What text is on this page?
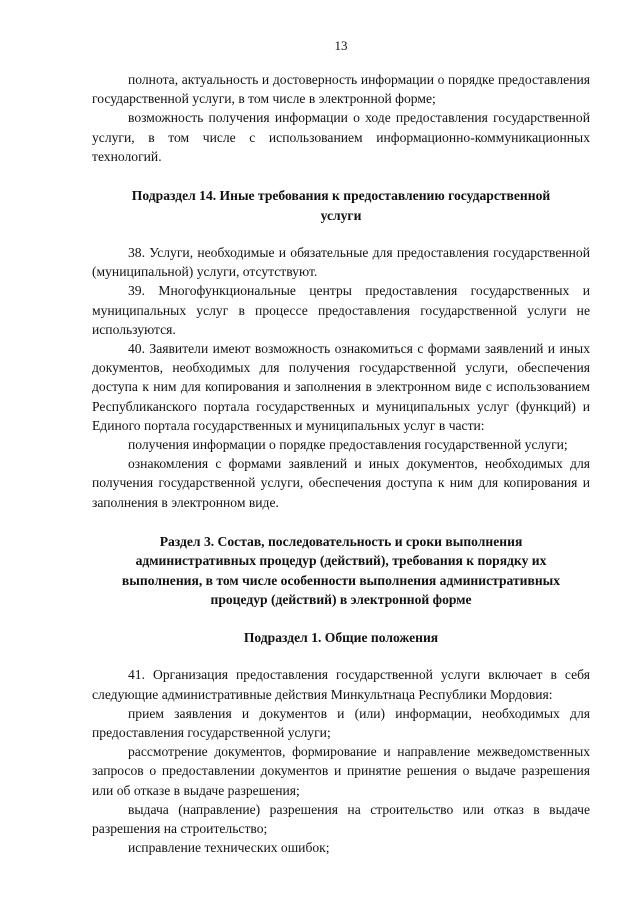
13

полнота, актуальность и достоверность информации о порядке предоставления государственной услуги, в том числе в электронной форме;

возможность получения информации о ходе предоставления государственной услуги, в том числе с использованием информационно-коммуникационных технологий.

Подраздел 14. Иные требования к предоставлению государственной услуги

38. Услуги, необходимые и обязательные для предоставления государственной (муниципальной) услуги, отсутствуют.

39. Многофункциональные центры предоставления государственных и муниципальных услуг в процессе предоставления государственной услуги не используются.

40. Заявители имеют возможность ознакомиться с формами заявлений и иных документов, необходимых для получения государственной услуги, обеспечения доступа к ним для копирования и заполнения в электронном виде с использованием Республиканского портала государственных и муниципальных услуг (функций) и Единого портала государственных и муниципальных услуг в части:

получения информации о порядке предоставления государственной услуги;

ознакомления с формами заявлений и иных документов, необходимых для получения государственной услуги, обеспечения доступа к ним для копирования и заполнения в электронном виде.

Раздел 3. Состав, последовательность и сроки выполнения административных процедур (действий), требования к порядку их выполнения, в том числе особенности выполнения административных процедур (действий) в электронной форме

Подраздел 1. Общие положения

41. Организация предоставления государственной услуги включает в себя следующие административные действия Минкультнаца Республики Мордовия:

прием заявления и документов и (или) информации, необходимых для предоставления государственной услуги;

рассмотрение документов, формирование и направление межведомственных запросов о предоставлении документов и принятие решения о выдаче разрешения или об отказе в выдаче разрешения;

выдача (направление) разрешения на строительство или отказ в выдаче разрешения на строительство;

исправление технических ошибок;
